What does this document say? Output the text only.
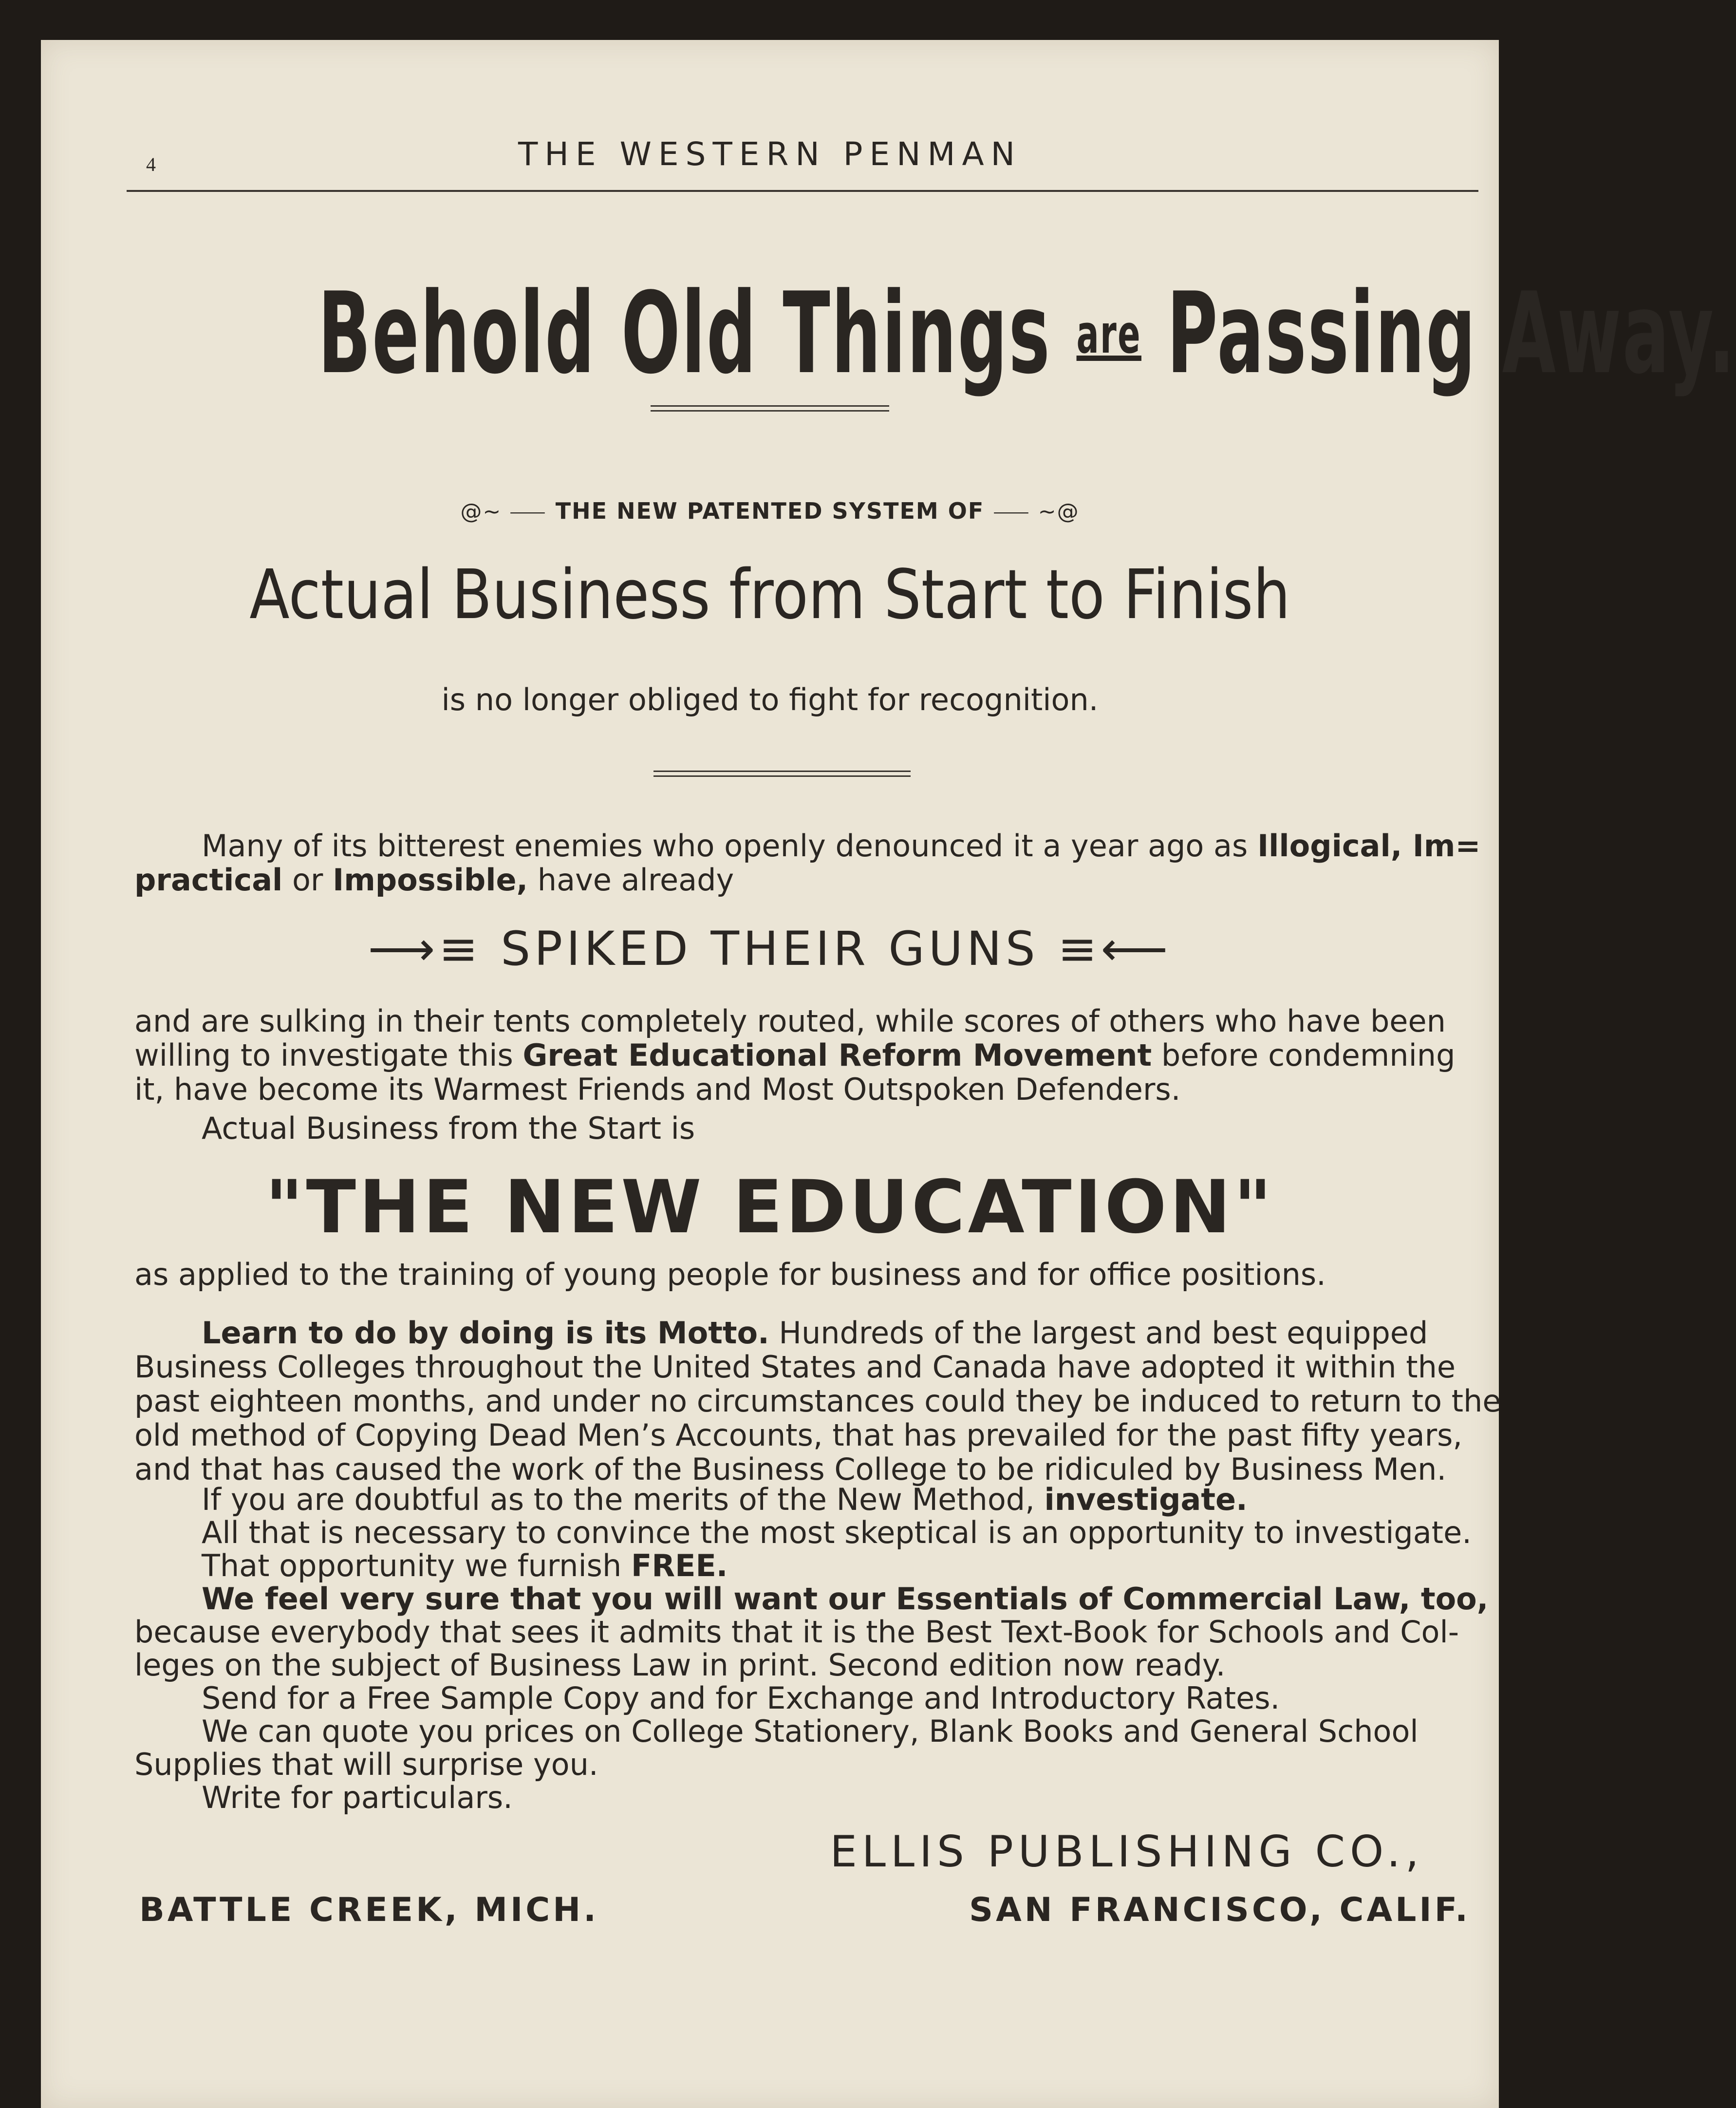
4	THE WESTERN PENMAN
Behold Old Things are Passing Away.
@~ ⸺ THE NEW PATENTED SYSTEM OF ⸺ ~@
Actual Business from Start to Finish
is no longer obliged to fight for recognition.
Many of its bitterest enemies who openly denounced it a year ago as Illogical, Im=
practical or Impossible, have already
⟶≡ SPIKED THEIR GUNS ≡⟵
and are sulking in their tents completely routed, while scores of others who have been
willing to investigate this Great Educational Reform Movement before condemning
it, have become its Warmest Friends and Most Outspoken Defenders.
Actual Business from the Start is
"THE NEW EDUCATION"
as applied to the training of young people for business and for office positions.
Learn to do by doing is its Motto. Hundreds of the largest and best equipped
Business Colleges throughout the United States and Canada have adopted it within the
past eighteen months, and under no circumstances could they be induced to return to the
old method of Copying Dead Men’s Accounts, that has prevailed for the past fifty years,
and that has caused the work of the Business College to be ridiculed by Business Men.
If you are doubtful as to the merits of the New Method, investigate.
All that is necessary to convince the most skeptical is an opportunity to investigate.
That opportunity we furnish FREE.
We feel very sure that you will want our Essentials of Commercial Law, too,
because everybody that sees it admits that it is the Best Text-Book for Schools and Col-
leges on the subject of Business Law in print. Second edition now ready.
Send for a Free Sample Copy and for Exchange and Introductory Rates.
We can quote you prices on College Stationery, Blank Books and General School
Supplies that will surprise you.
Write for particulars.
ELLIS PUBLISHING CO.,
BATTLE CREEK, MICH.	SAN FRANCISCO, CALIF.
